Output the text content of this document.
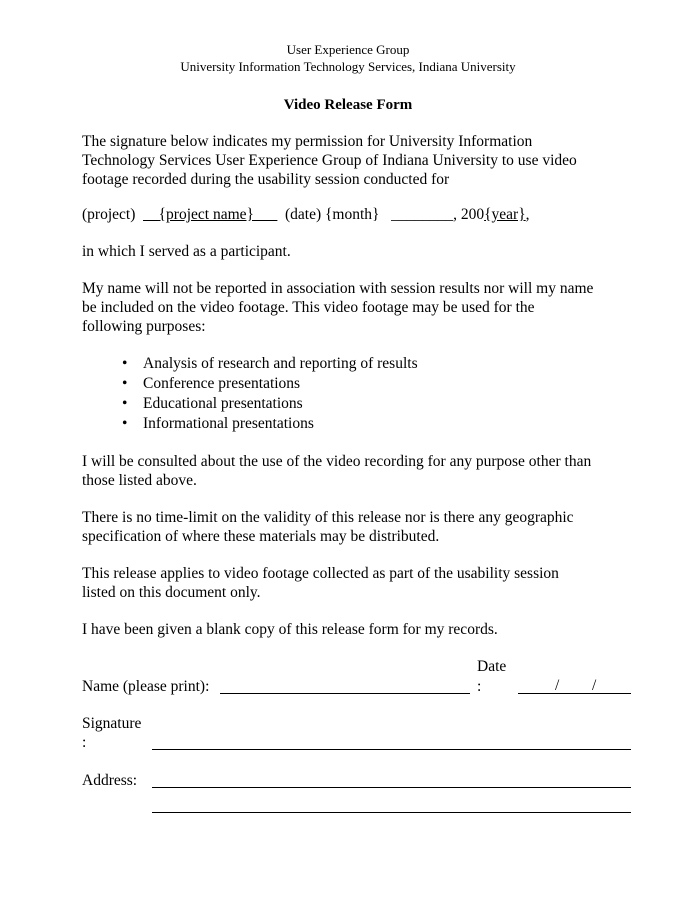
User Experience Group
University Information Technology Services, Indiana University
Video Release Form
The signature below indicates my permission for University Information
Technology Services User Experience Group of Indiana University to use video
footage recorded during the usability session conducted for
(project) __{project name}___ (date) {month} ________, 200{year},
in which I served as a participant.
My name will not be reported in association with session results nor will my name
be included on the video footage. This video footage may be used for the
following purposes:
• Analysis of research and reporting of results
• Conference presentations
• Educational presentations
• Informational presentations
I will be consulted about the use of the video recording for any purpose other than
those listed above.
There is no time-limit on the validity of this release nor is there any geographic
specification of where these materials may be distributed.
This release applies to video footage collected as part of the usability session
listed on this document only.
I have been given a blank copy of this release form for my records.
Name (please print):
Date
:	/ /
Signature
:
Address:
